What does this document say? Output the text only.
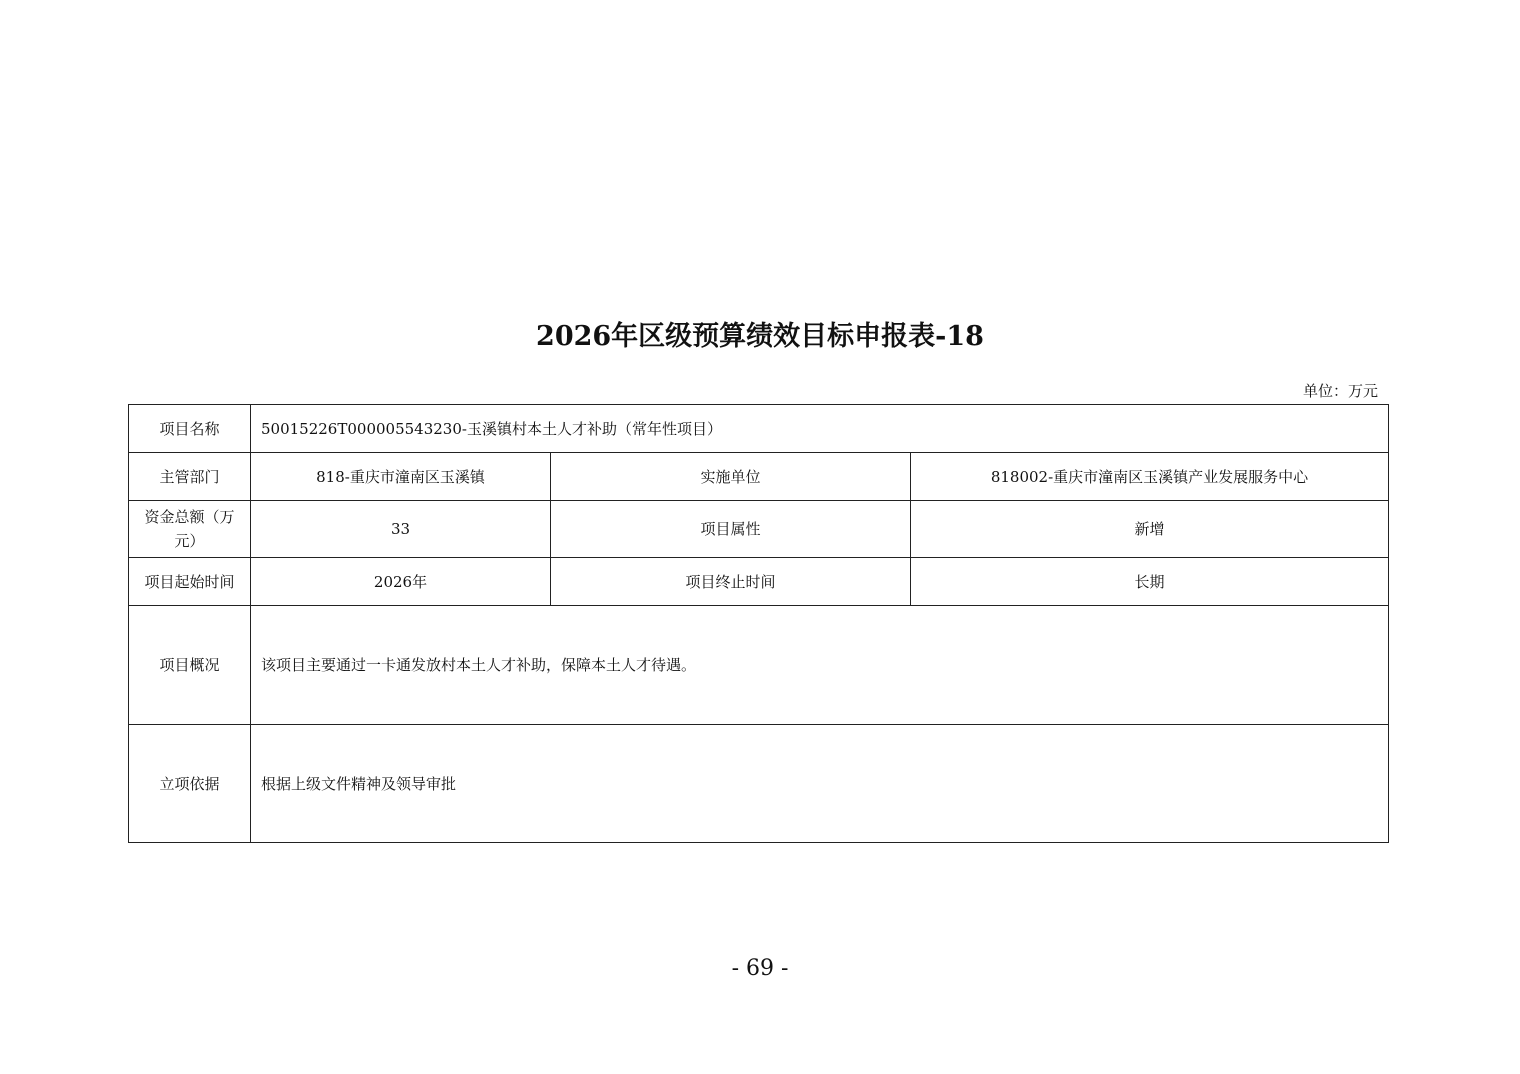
2026年区级预算绩效目标申报表-18
单位：万元
项目名称	50015226T000005543230-玉溪镇村本土人才补助（常年性项目）		
主管部门	818-重庆市潼南区玉溪镇	实施单位	818002-重庆市潼南区玉溪镇产业发展服务中心
资金总额（万元）	33	项目属性	新增
项目起始时间	2026年	项目终止时间	长期
项目概况	该项目主要通过一卡通发放村本土人才补助，保障本土人才待遇。		
立项依据	根据上级文件精神及领导审批		
- 69 -
